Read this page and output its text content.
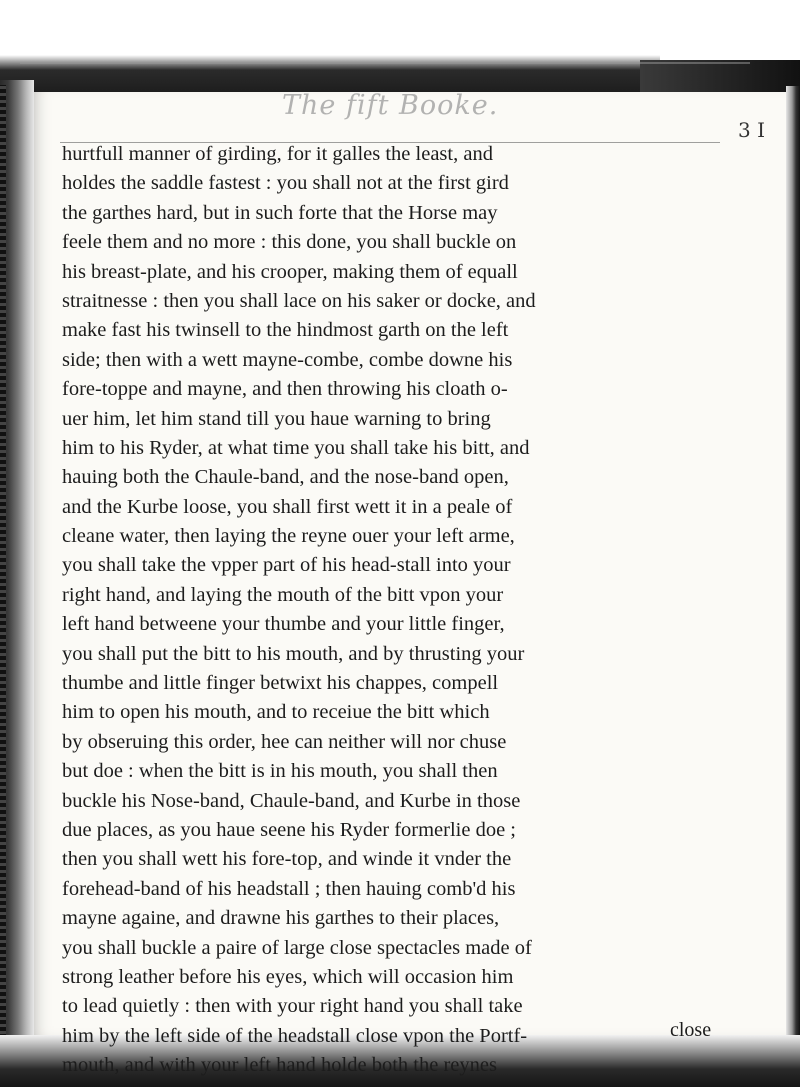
The fift Booke.
3 I
hurtfull manner of girding, for it galles the least, and
holdes the saddle fastest : you shall not at the first gird
the garthes hard, but in such forte that the Horse may
feele them and no more : this done, you shall buckle on
his breast-plate, and his crooper, making them of equall
straitnesse : then you shall lace on his saker or docke, and
make fast his twinsell to the hindmost garth on the left
side; then with a wett mayne-combe, combe downe his
fore-toppe and mayne, and then throwing his cloath o-
uer him, let him stand till you haue warning to bring
him to his Ryder, at what time you shall take his bitt, and
hauing both the Chaule-band, and the nose-band open,
and the Kurbe loose, you shall first wett it in a peale of
cleane water, then laying the reyne ouer your left arme,
you shall take the vpper part of his head-stall into your
right hand, and laying the mouth of the bitt vpon your
left hand betweene your thumbe and your little finger,
you shall put the bitt to his mouth, and by thrusting your
thumbe and little finger betwixt his chappes, compell
him to open his mouth, and to receiue the bitt which
by obseruing this order, hee can neither will nor chuse
but doe : when the bitt is in his mouth, you shall then
buckle his Nose-band, Chaule-band, and Kurbe in those
due places, as you haue seene his Ryder formerlie doe ;
then you shall wett his fore-top, and winde it vnder the
forehead-band of his headstall ; then hauing comb'd his
mayne againe, and drawne his garthes to their places,
you shall buckle a paire of large close spectacles made of
strong leather before his eyes, which will occasion him
to lead quietly : then with your right hand you shall take
him by the left side of the headstall close vpon the Portf-
mouth, and with your left hand holde both the reynes
close
